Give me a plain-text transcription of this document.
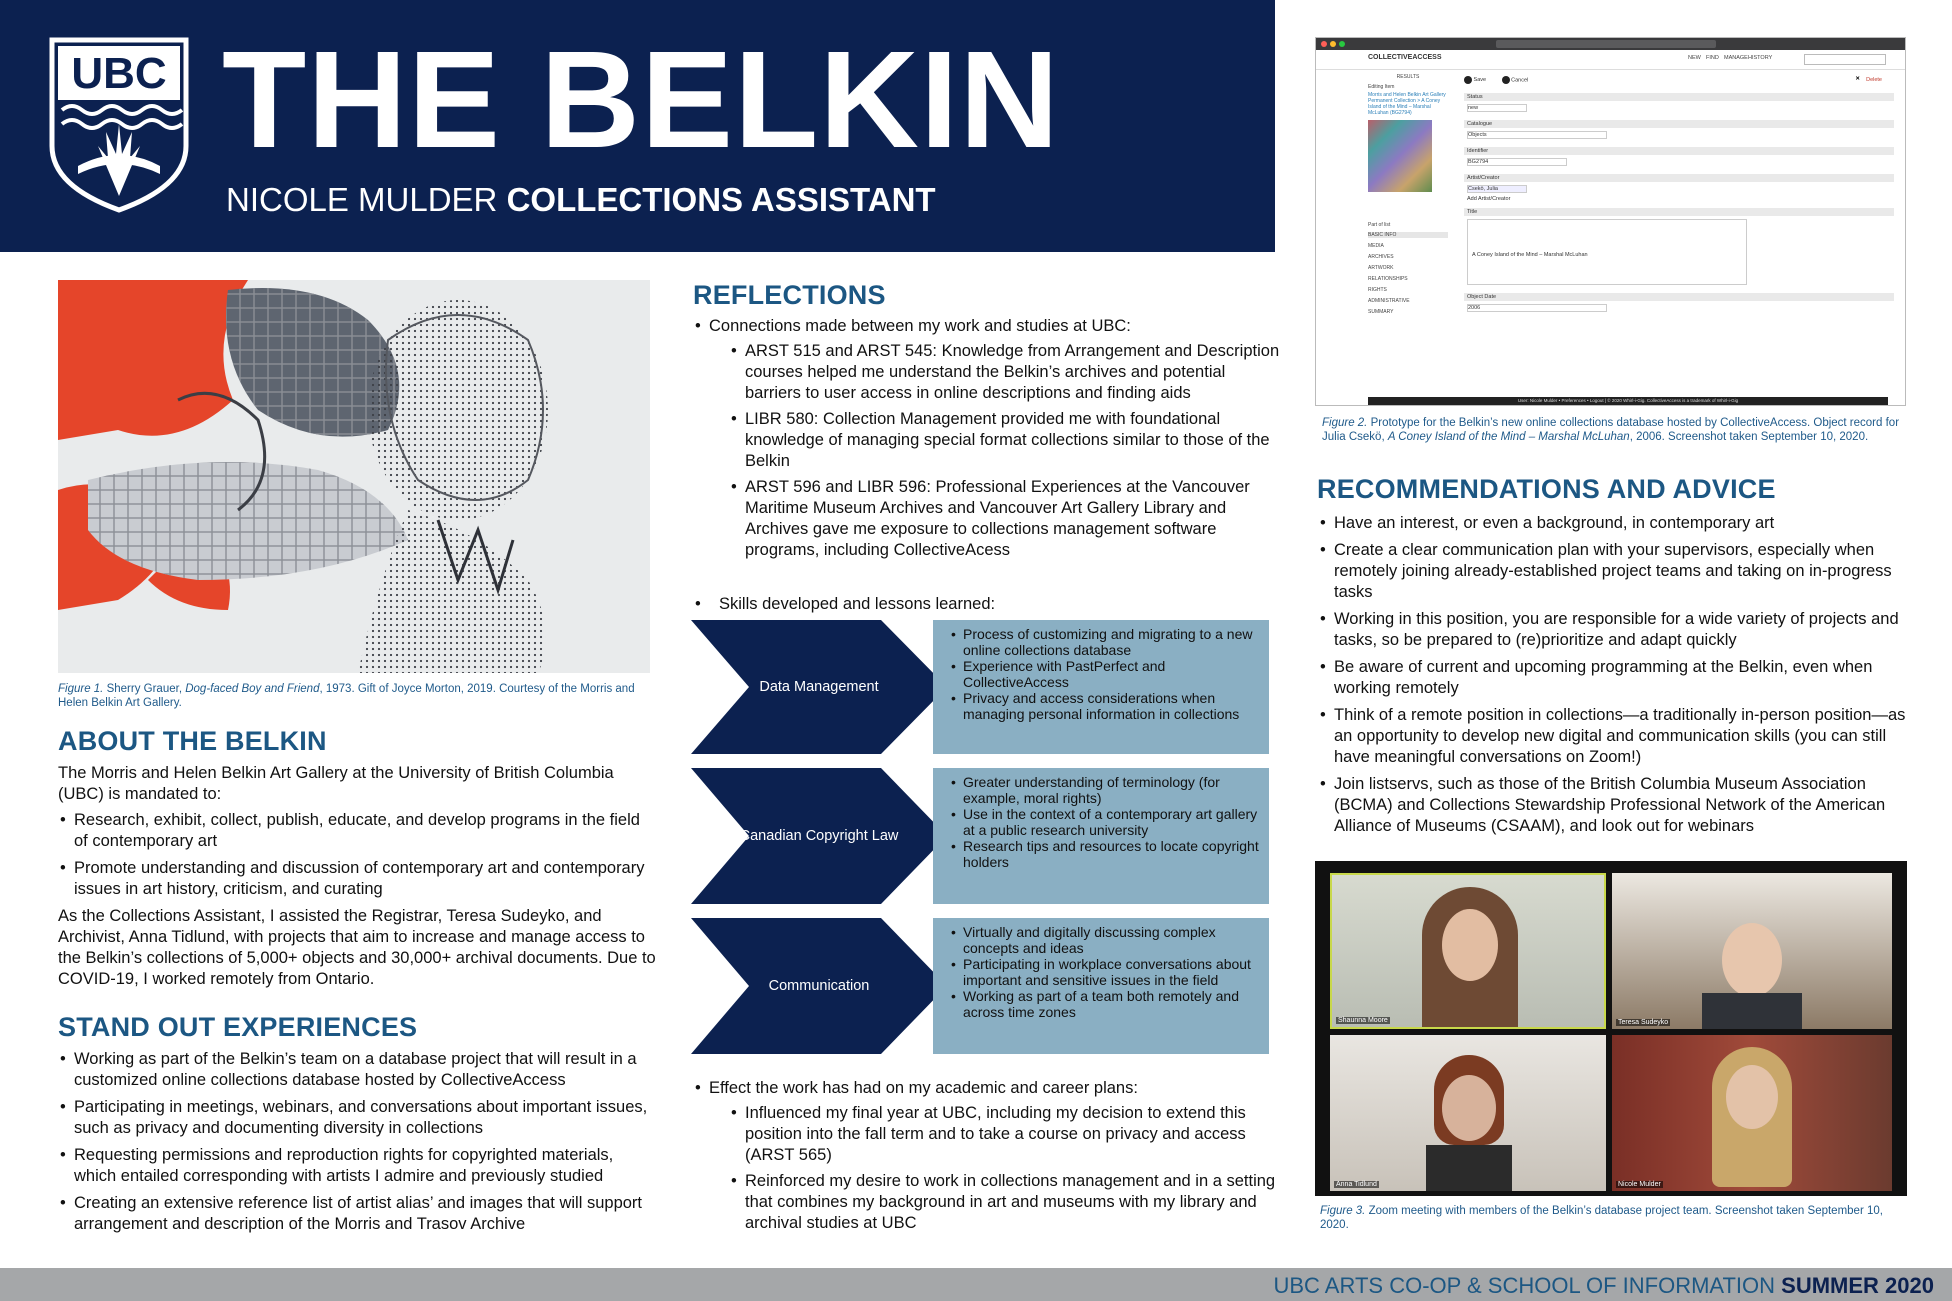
UBC THE BELKIN
NICOLE MULDER COLLECTIONS ASSISTANT
Figure 1. Sherry Grauer, Dog-faced Boy and Friend, 1973. Gift of Joyce Morton, 2019. Courtesy of the Morris and Helen Belkin Art Gallery.
ABOUT THE BELKIN

The Morris and Helen Belkin Art Gallery at the University of British Columbia (UBC) is mandated to:

• Research, exhibit, collect, publish, educate, and develop programs in the field of contemporary art
• Promote understanding and discussion of contemporary art and contemporary issues in art history, criticism, and curating

As the Collections Assistant, I assisted the Registrar, Teresa Sudeyko, and Archivist, Anna Tidlund, with projects that aim to increase and manage access to the Belkin’s collections of 5,000+ objects and 30,000+ archival documents. Due to COVID-19, I worked remotely from Ontario.

STAND OUT EXPERIENCES
• Working as part of the Belkin’s team on a database project that will result in a customized online collections database hosted by CollectiveAccess
• Participating in meetings, webinars, and conversations about important issues, such as privacy and documenting diversity in collections
• Requesting permissions and reproduction rights for copyrighted materials, which entailed corresponding with artists I admire and previously studied
• Creating an extensive reference list of artist alias’ and images that will support arrangement and description of the Morris and Trasov Archive
REFLECTIONS
• Connections made between my work and studies at UBC:
• ARST 515 and ARST 545: Knowledge from Arrangement and Description courses helped me understand the Belkin’s archives and potential barriers to user access in online descriptions and finding aids
• LIBR 580: Collection Management provided me with foundational knowledge of managing special format collections similar to those of the Belkin
• ARST 596 and LIBR 596: Professional Experiences at the Vancouver Maritime Museum Archives and Vancouver Art Gallery Library and Archives gave me exposure to collections management software programs, including CollectiveAcess
• Skills developed and lessons learned:
Data Management
• Process of customizing and migrating to a new online collections database
• Experience with PastPerfect and CollectiveAccess
• Privacy and access considerations when managing personal information in collections
Canadian Copyright Law
• Greater understanding of terminology (for example, moral rights)
• Use in the context of a contemporary art gallery at a public research university
• Research tips and resources to locate copyright holders
Communication
• Virtually and digitally discussing complex concepts and ideas
• Participating in workplace conversations about important and sensitive issues in the field
• Working as part of a team both remotely and across time zones
• Effect the work has had on my academic and career plans:
• Influenced my final year at UBC, including my decision to extend this position into the fall term and to take a course on privacy and access (ARST 565)
• Reinforced my desire to work in collections management and in a setting that combines my background in art and museums with my library and archival studies at UBC
COLLECTIVEACCESS	NEW FIND MANAGE HISTORY
RESULTS
Editing Item
Morris and Helen Belkin Art Gallery Permanent Collection > A Coney Island of the Mind – Marshal McLuhan (BG2794)
Part of list
BASIC INFO
MEDIA
ARCHIVES
ARTWORK
RELATIONSHIPS
RIGHTS
ADMINISTRATIVE
SUMMARY
Save	Cancel	✕ Delete
Status
new
Catalogue
Objects
Identifier
BG2794
Artist/Creator
Csekö, Julia
Add Artist/Creator
Title
A Coney Island of the Mind – Marshal McLuhan
Object Date
2006
User: Nicole Mulder • Preferences • Logout | © 2020 Whirl-i-Gig. CollectiveAccess is a trademark of Whirl-i-Gig
Figure 2. Prototype for the Belkin’s new online collections database hosted by CollectiveAccess. Object record for Julia Csekö, A Coney Island of the Mind – Marshal McLuhan, 2006. Screenshot taken September 10, 2020.
RECOMMENDATIONS AND ADVICE
• Have an interest, or even a background, in contemporary art
• Create a clear communication plan with your supervisors, especially when remotely joining already-established project teams and taking on in-progress tasks
• Working in this position, you are responsible for a wide variety of projects and tasks, so be prepared to (re)prioritize and adapt quickly
• Be aware of current and upcoming programming at the Belkin, even when working remotely
• Think of a remote position in collections—a traditionally in-person position—as an opportunity to develop new digital and communication skills (you can still have meaningful conversations on Zoom!)
• Join listservs, such as those of the British Columbia Museum Association (BCMA) and Collections Stewardship Professional Network of the American Alliance of Museums (CSAAM), and look out for webinars
Shaunna Moore	Teresa Sudeyko
Anna Tidlund	Nicole Mulder
Figure 3. Zoom meeting with members of the Belkin’s database project team. Screenshot taken September 10, 2020.
UBC ARTS CO-OP & SCHOOL OF INFORMATION SUMMER 2020
